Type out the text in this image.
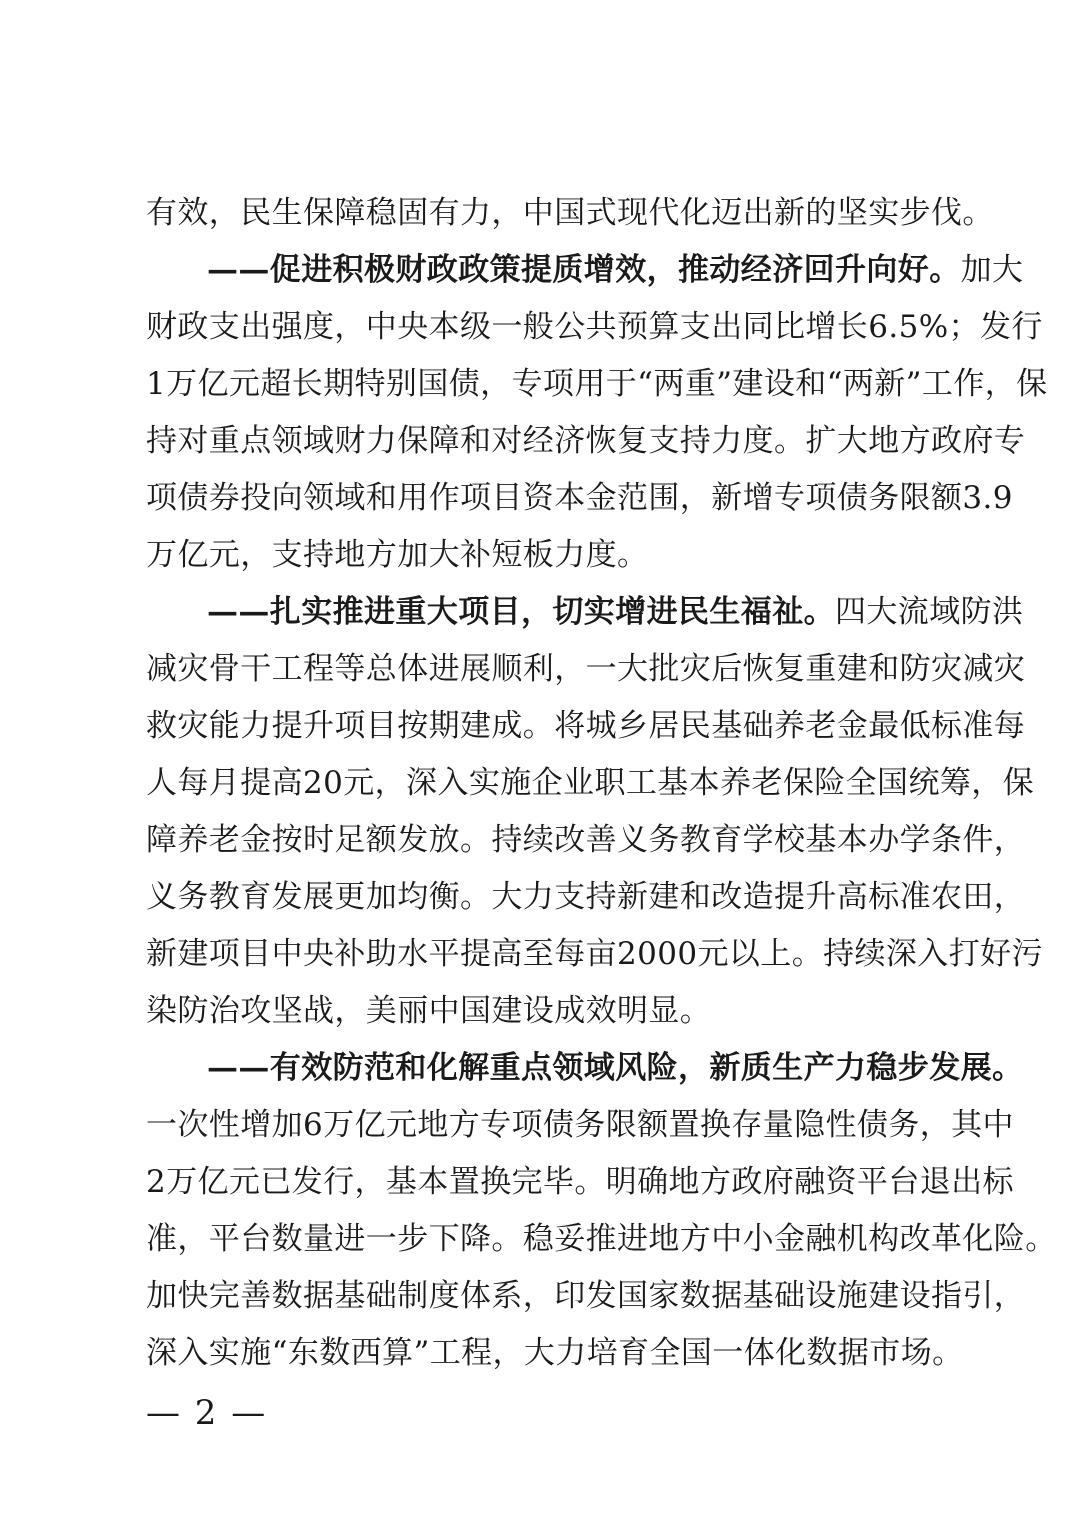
有效，民生保障稳固有力，中国式现代化迈出新的坚实步伐。
——促进积极财政政策提质增效，推动经济回升向好。加大
财政支出强度，中央本级一般公共预算支出同比增长6.5%；发行
1万亿元超长期特别国债，专项用于“两重”建设和“两新”工作，保
持对重点领域财力保障和对经济恢复支持力度。扩大地方政府专
项债券投向领域和用作项目资本金范围，新增专项债务限额3.9
万亿元，支持地方加大补短板力度。
——扎实推进重大项目，切实增进民生福祉。四大流域防洪
减灾骨干工程等总体进展顺利，一大批灾后恢复重建和防灾减灾
救灾能力提升项目按期建成。将城乡居民基础养老金最低标准每
人每月提高20元，深入实施企业职工基本养老保险全国统筹，保
障养老金按时足额发放。持续改善义务教育学校基本办学条件，
义务教育发展更加均衡。大力支持新建和改造提升高标准农田，
新建项目中央补助水平提高至每亩2000元以上。持续深入打好污
染防治攻坚战，美丽中国建设成效明显。
——有效防范和化解重点领域风险，新质生产力稳步发展。
一次性增加6万亿元地方专项债务限额置换存量隐性债务，其中
2万亿元已发行，基本置换完毕。明确地方政府融资平台退出标
准，平台数量进一步下降。稳妥推进地方中小金融机构改革化险。
加快完善数据基础制度体系，印发国家数据基础设施建设指引，
深入实施“东数西算”工程，大力培育全国一体化数据市场。
— 2 —
